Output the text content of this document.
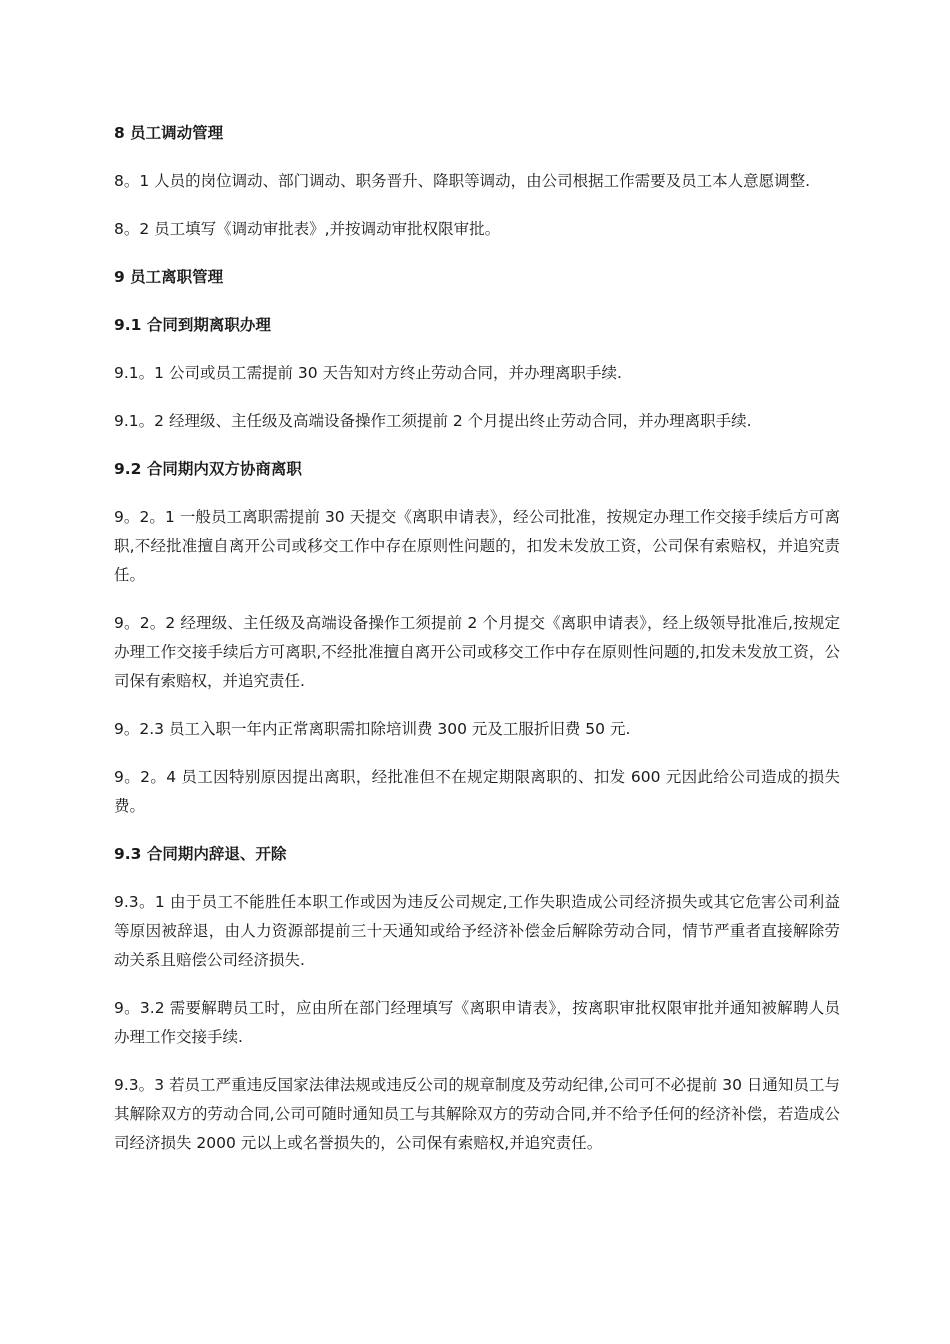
8 员工调动管理
8。1 人员的岗位调动、部门调动、职务晋升、降职等调动，由公司根据工作需要及员工本人意愿调整.
8。2 员工填写《调动审批表》,并按调动审批权限审批。
9 员工离职管理
9.1 合同到期离职办理
9.1。1 公司或员工需提前 30 天告知对方终止劳动合同，并办理离职手续.
9.1。2 经理级、主任级及高端设备操作工须提前 2 个月提出终止劳动合同，并办理离职手续.
9.2 合同期内双方协商离职
9。2。1 一般员工离职需提前 30 天提交《离职申请表》，经公司批准，按规定办理工作交接手续后方可离职,不经批准擅自离开公司或移交工作中存在原则性问题的，扣发未发放工资，公司保有索赔权，并追究责任。
9。2。2 经理级、主任级及高端设备操作工须提前 2 个月提交《离职申请表》，经上级领导批准后,按规定办理工作交接手续后方可离职,不经批准擅自离开公司或移交工作中存在原则性问题的,扣发未发放工资，公司保有索赔权，并追究责任.
9。2.3 员工入职一年内正常离职需扣除培训费 300 元及工服折旧费 50 元.
9。2。4 员工因特别原因提出离职，经批准但不在规定期限离职的、扣发 600 元因此给公司造成的损失费。
9.3 合同期内辞退、开除
9.3。1 由于员工不能胜任本职工作或因为违反公司规定,工作失职造成公司经济损失或其它危害公司利益等原因被辞退，由人力资源部提前三十天通知或给予经济补偿金后解除劳动合同，情节严重者直接解除劳动关系且赔偿公司经济损失.
9。3.2 需要解聘员工时，应由所在部门经理填写《离职申请表》，按离职审批权限审批并通知被解聘人员办理工作交接手续.
9.3。3 若员工严重违反国家法律法规或违反公司的规章制度及劳动纪律,公司可不必提前 30 日通知员工与其解除双方的劳动合同,公司可随时通知员工与其解除双方的劳动合同,并不给予任何的经济补偿，若造成公司经济损失 2000 元以上或名誉损失的，公司保有索赔权,并追究责任。
